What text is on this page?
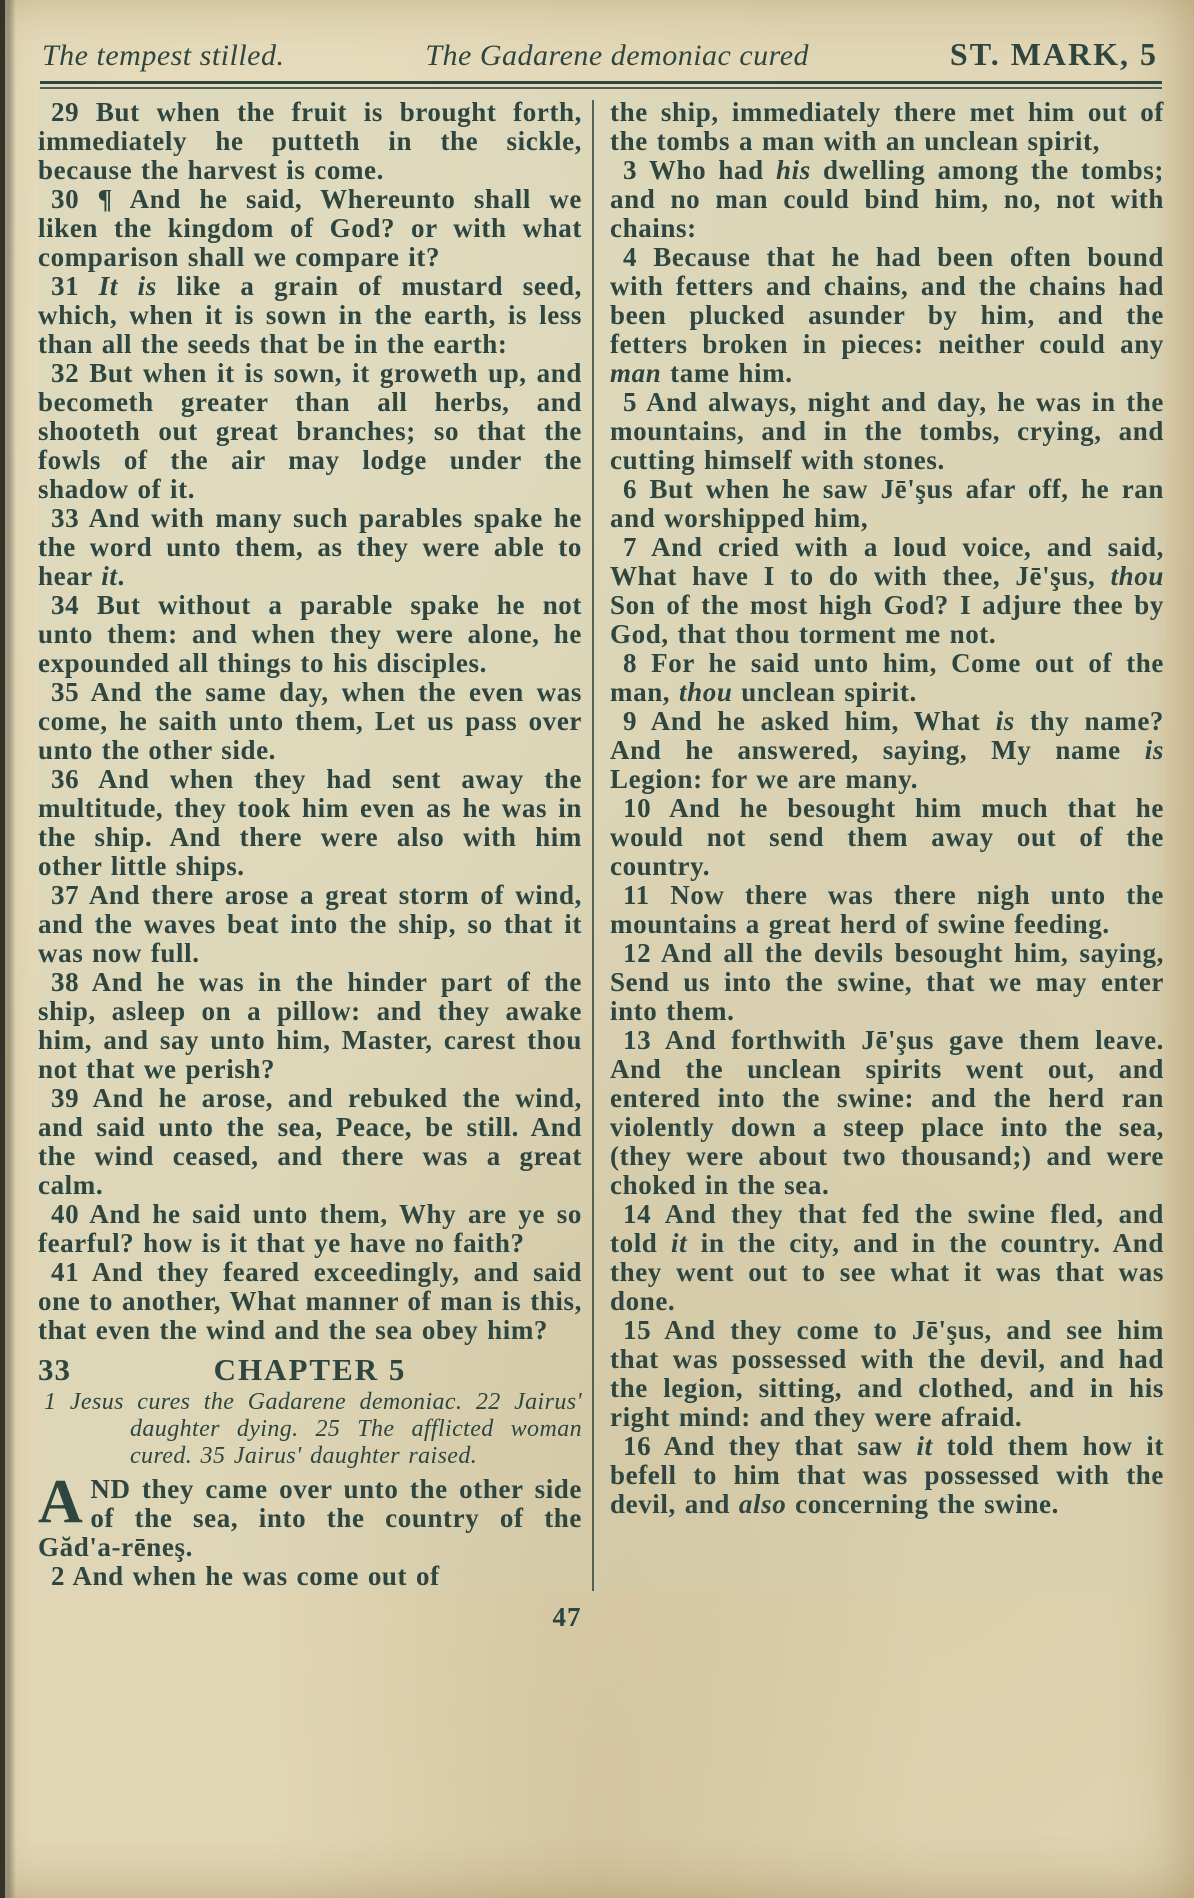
The tempest stilled.	The Gadarene demoniac cured	ST. MARK, 5

29 But when the fruit is brought forth, immediately he putteth in the sickle, because the harvest is come.

30 ¶ And he said, Whereunto shall we liken the kingdom of God? or with what comparison shall we compare it?

31 It is like a grain of mustard seed, which, when it is sown in the earth, is less than all the seeds that be in the earth:

32 But when it is sown, it groweth up, and becometh greater than all herbs, and shooteth out great branches; so that the fowls of the air may lodge under the shadow of it.

33 And with many such parables spake he the word unto them, as they were able to hear it.

34 But without a parable spake he not unto them: and when they were alone, he expounded all things to his disciples.

35 And the same day, when the even was come, he saith unto them, Let us pass over unto the other side.

36 And when they had sent away the multitude, they took him even as he was in the ship. And there were also with him other little ships.

37 And there arose a great storm of wind, and the waves beat into the ship, so that it was now full.

38 And he was in the hinder part of the ship, asleep on a pillow: and they awake him, and say unto him, Master, carest thou not that we perish?

39 And he arose, and rebuked the wind, and said unto the sea, Peace, be still. And the wind ceased, and there was a great calm.

40 And he said unto them, Why are ye so fearful? how is it that ye have no faith?

41 And they feared exceedingly, and said one to another, What manner of man is this, that even the wind and the sea obey him?

33	CHAPTER 5

1 Jesus cures the Gadarene demoniac. 22 Jairus' daughter dying. 25 The afflicted woman cured. 35 Jairus' daughter raised.

AND they came over unto the other side of the sea, into the country of the Găd'a-rēneş.

2 And when he was come out of

the ship, immediately there met him out of the tombs a man with an unclean spirit,

3 Who had his dwelling among the tombs; and no man could bind him, no, not with chains:

4 Because that he had been often bound with fetters and chains, and the chains had been plucked asunder by him, and the fetters broken in pieces: neither could any man tame him.

5 And always, night and day, he was in the mountains, and in the tombs, crying, and cutting himself with stones.

6 But when he saw Jē'şus afar off, he ran and worshipped him,

7 And cried with a loud voice, and said, What have I to do with thee, Jē'şus, thou Son of the most high God? I adjure thee by God, that thou torment me not.

8 For he said unto him, Come out of the man, thou unclean spirit.

9 And he asked him, What is thy name? And he answered, saying, My name is Legion: for we are many.

10 And he besought him much that he would not send them away out of the country.

11 Now there was there nigh unto the mountains a great herd of swine feeding.

12 And all the devils besought him, saying, Send us into the swine, that we may enter into them.

13 And forthwith Jē'şus gave them leave. And the unclean spirits went out, and entered into the swine: and the herd ran violently down a steep place into the sea, (they were about two thousand;) and were choked in the sea.

14 And they that fed the swine fled, and told it in the city, and in the country. And they went out to see what it was that was done.

15 And they come to Jē'şus, and see him that was possessed with the devil, and had the legion, sitting, and clothed, and in his right mind: and they were afraid.

16 And they that saw it told them how it befell to him that was possessed with the devil, and also concerning the swine.

47
